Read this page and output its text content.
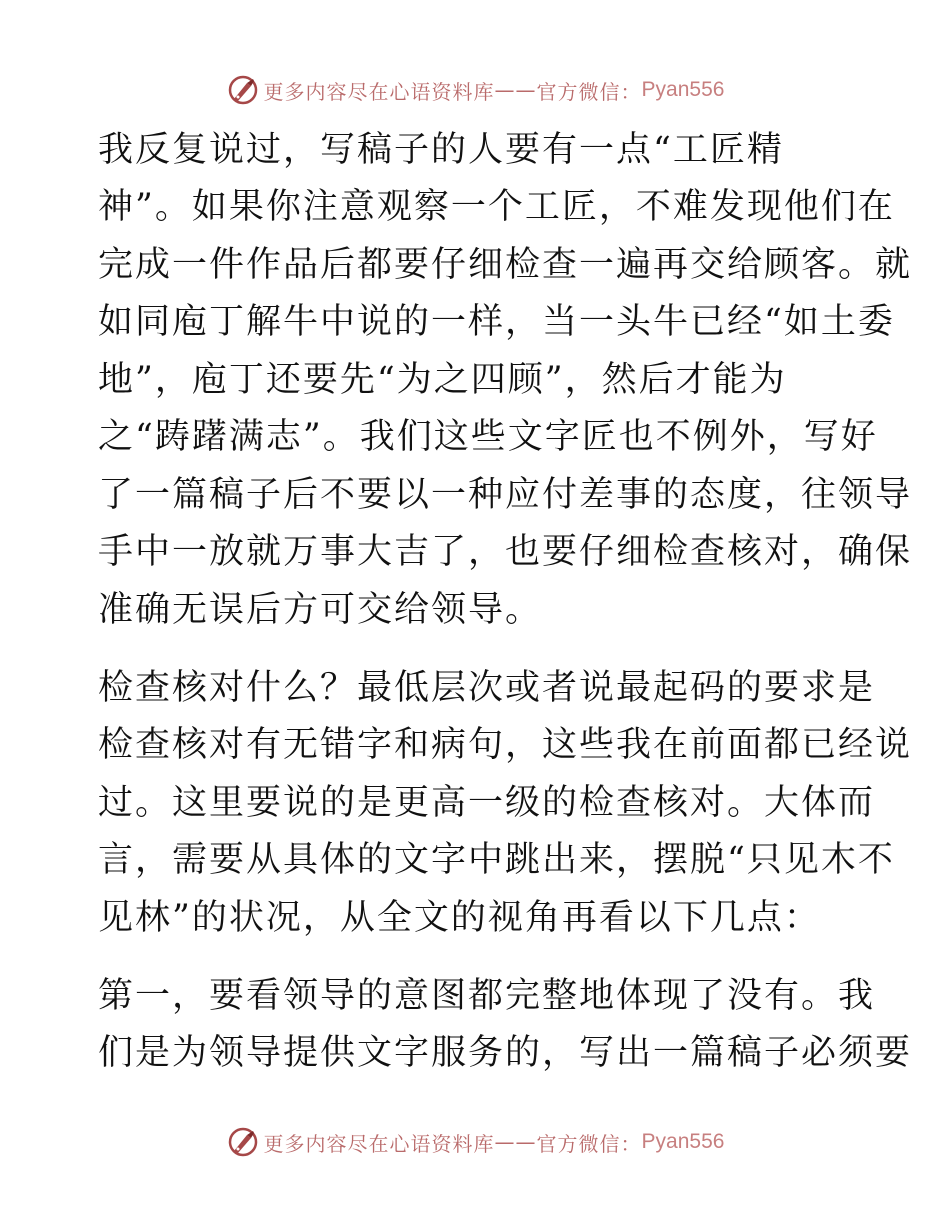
更多内容尽在心语资料库 —— 官方微信： Pyan556
我反复说过，写稿子的人要有一点“工匠精
神”。如果你注意观察一个工匠，不难发现他们在
完成一件作品后都要仔细检查一遍再交给顾客。就
如同庖丁解牛中说的一样，当一头牛已经“如土委
地”，庖丁还要先“为之四顾”，然后才能为
之“踌躇满志”。我们这些文字匠也不例外，写好
了一篇稿子后不要以一种应付差事的态度，往领导
手中一放就万事大吉了，也要仔细检查核对，确保
准确无误后方可交给领导。
检查核对什么？最低层次或者说最起码的要求是
检查核对有无错字和病句，这些我在前面都已经说
过。这里要说的是更高一级的检查核对。大体而
言，需要从具体的文字中跳出来，摆脱“只见木不
见林”的状况，从全文的视角再看以下几点：
第一，要看领导的意图都完整地体现了没有。我
们是为领导提供文字服务的，写出一篇稿子必须要
更多内容尽在心语资料库 —— 官方微信： Pyan556
